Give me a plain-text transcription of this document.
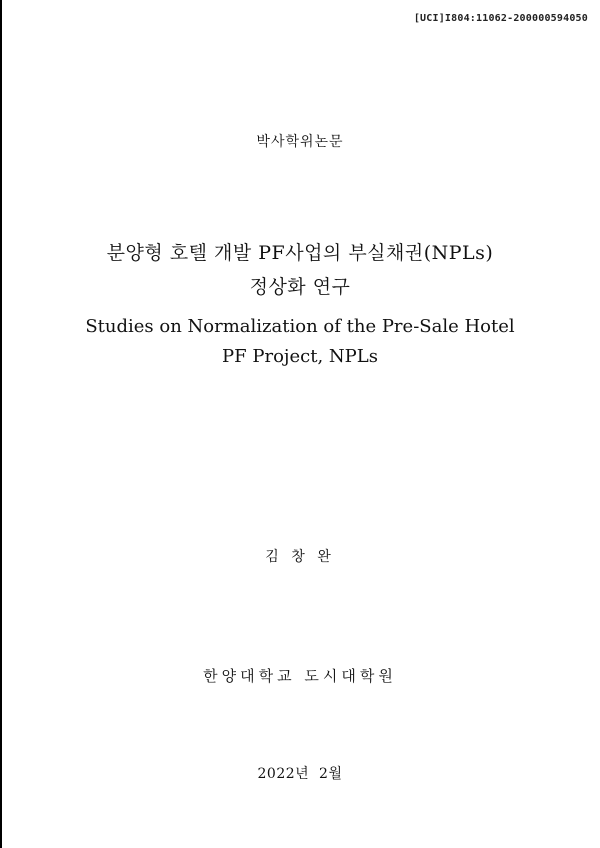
[UCI]I804:11062-200000594050
박사학위논문
분양형 호텔 개발 PF사업의 부실채권(NPLs)
정상화 연구
Studies on Normalization of the Pre-Sale Hotel
PF Project, NPLs
김 창 완
한양대학교 도시대학원
2022년  2월
